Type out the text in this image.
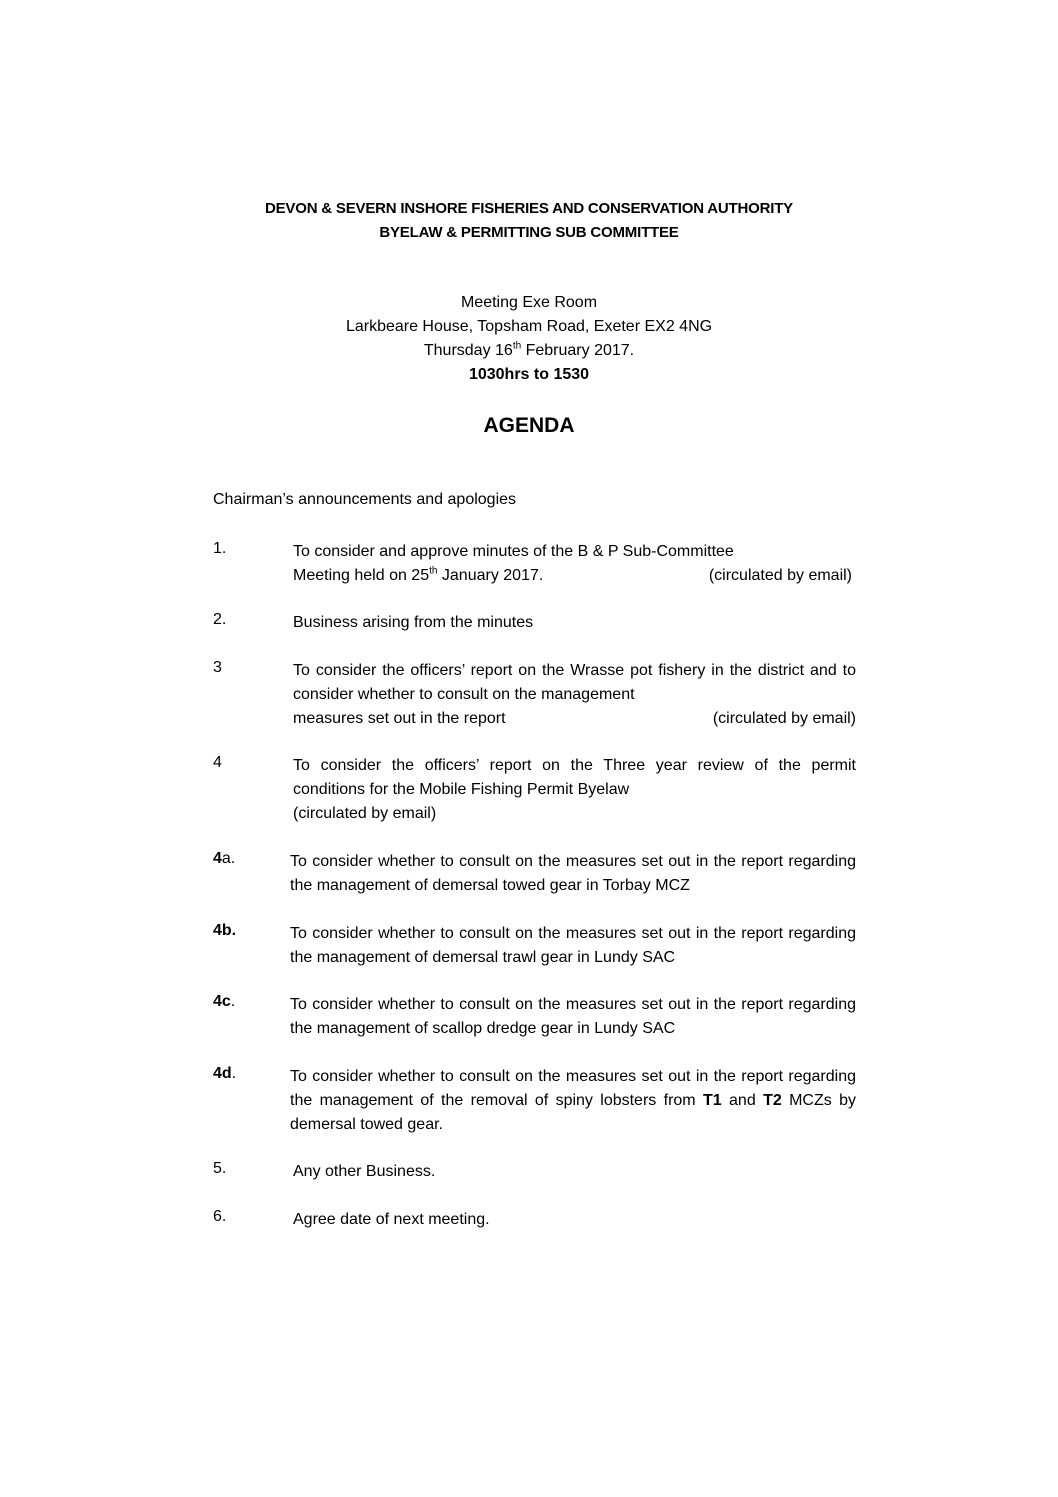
DEVON & SEVERN INSHORE FISHERIES AND CONSERVATION AUTHORITY
BYELAW & PERMITTING SUB COMMITTEE
Meeting Exe Room
Larkbeare House, Topsham Road, Exeter EX2 4NG
Thursday 16th February 2017.
1030hrs to 1530
AGENDA
Chairman’s announcements and apologies
1.	To consider and approve minutes of the B & P Sub-Committee
Meeting held on 25th January 2017.	(circulated by email)
2.	Business arising from the minutes
3	To consider the officers’ report on the Wrasse pot fishery in the district and to consider whether to consult on the management
measures set out in the report	(circulated by email)
4	To consider the officers’ report on the Three year review of the permit conditions for the Mobile Fishing Permit Byelaw
(circulated by email)
4a.	To consider whether to consult on the measures set out in the report regarding the management of demersal towed gear in Torbay MCZ
4b.	To consider whether to consult on the measures set out in the report regarding the management of demersal trawl gear in Lundy SAC
4c.	To consider whether to consult on the measures set out in the report regarding the management of scallop dredge gear in Lundy SAC
4d.	To consider whether to consult on the measures set out in the report regarding the management of the removal of spiny lobsters from T1 and T2 MCZs by demersal towed gear.
5.	Any other Business.
6.	Agree date of next meeting.
